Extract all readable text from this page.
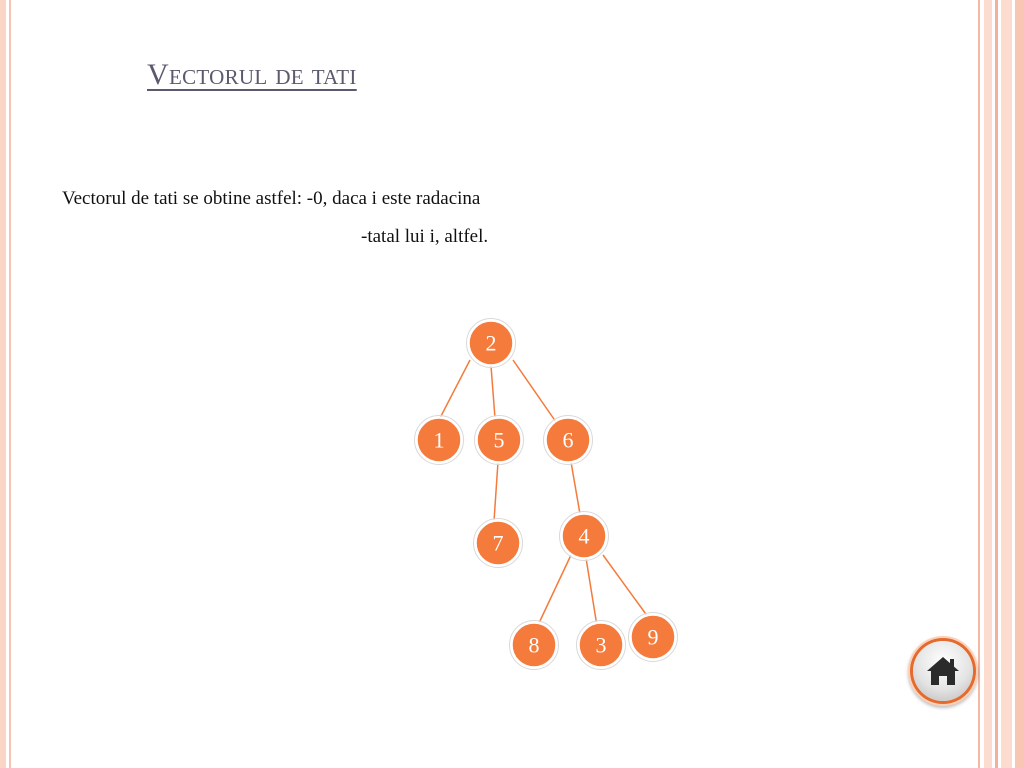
Vectorul de tati

Vectorul de tati se obtine astfel: -0, daca i este radacina

-tatal lui i, altfel.

2
1 5	6
7	4
8	3 9
